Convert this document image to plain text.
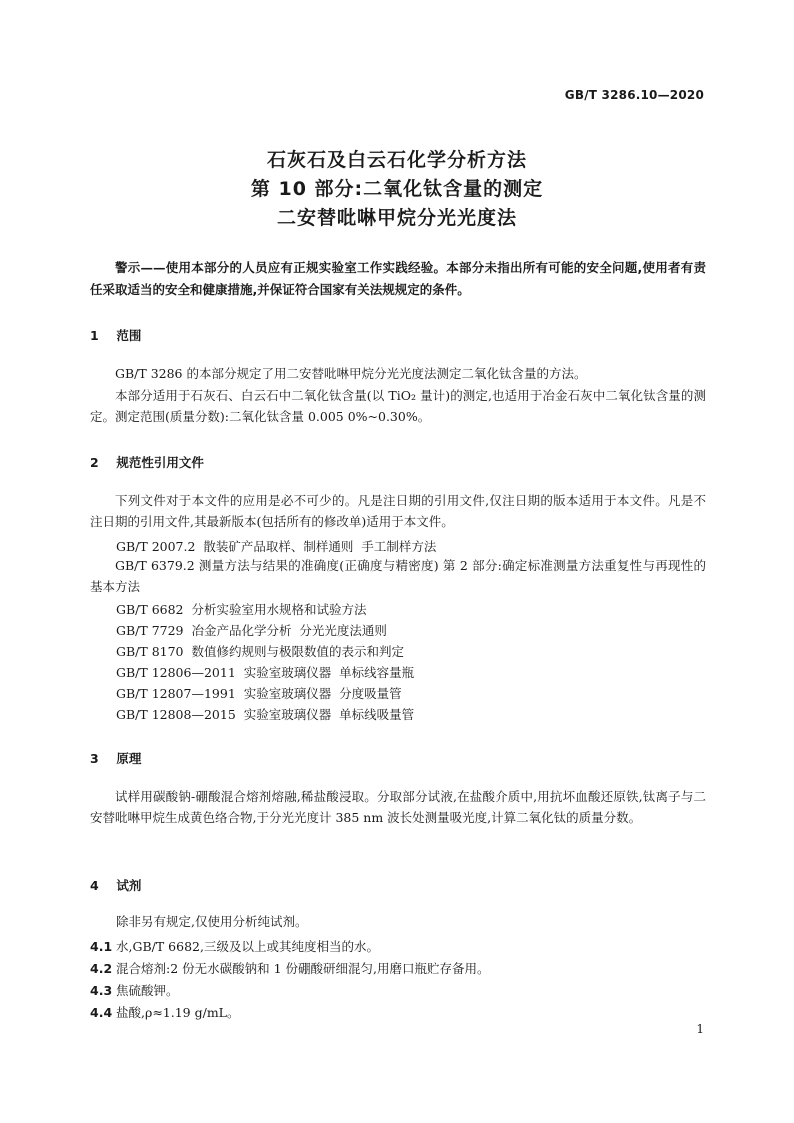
GB/T 3286.10—2020
石灰石及白云石化学分析方法
第 10 部分:二氧化钛含量的测定
二安替吡啉甲烷分光光度法
警示——使用本部分的人员应有正规实验室工作实践经验。本部分未指出所有可能的安全问题,使用者有责任采取适当的安全和健康措施,并保证符合国家有关法规规定的条件。
1 范围
GB/T 3286 的本部分规定了用二安替吡啉甲烷分光光度法测定二氧化钛含量的方法。
本部分适用于石灰石、白云石中二氧化钛含量(以 TiO₂ 量计)的测定,也适用于冶金石灰中二氧化钛含量的测定。测定范围(质量分数):二氧化钛含量 0.005 0%~0.30%。
2 规范性引用文件
下列文件对于本文件的应用是必不可少的。凡是注日期的引用文件,仅注日期的版本适用于本文件。凡是不注日期的引用文件,其最新版本(包括所有的修改单)适用于本文件。
GB/T 2007.2  散装矿产品取样、制样通则  手工制样方法
GB/T 6379.2 测量方法与结果的准确度(正确度与精密度) 第 2 部分:确定标准测量方法重复性与再现性的基本方法
GB/T 6682  分析实验室用水规格和试验方法
GB/T 7729  冶金产品化学分析  分光光度法通则
GB/T 8170  数值修约规则与极限数值的表示和判定
GB/T 12806—2011  实验室玻璃仪器  单标线容量瓶
GB/T 12807—1991  实验室玻璃仪器  分度吸量管
GB/T 12808—2015  实验室玻璃仪器  单标线吸量管
3 原理
试样用碳酸钠-硼酸混合熔剂熔融,稀盐酸浸取。分取部分试液,在盐酸介质中,用抗坏血酸还原铁,钛离子与二安替吡啉甲烷生成黄色络合物,于分光光度计 385 nm 波长处测量吸光度,计算二氧化钛的质量分数。
4 试剂
除非另有规定,仅使用分析纯试剂。
4.1 水,GB/T 6682,三级及以上或其纯度相当的水。
4.2 混合熔剂:2 份无水碳酸钠和 1 份硼酸研细混匀,用磨口瓶贮存备用。
4.3 焦硫酸钾。
4.4 盐酸,ρ≈1.19 g/mL。
1
